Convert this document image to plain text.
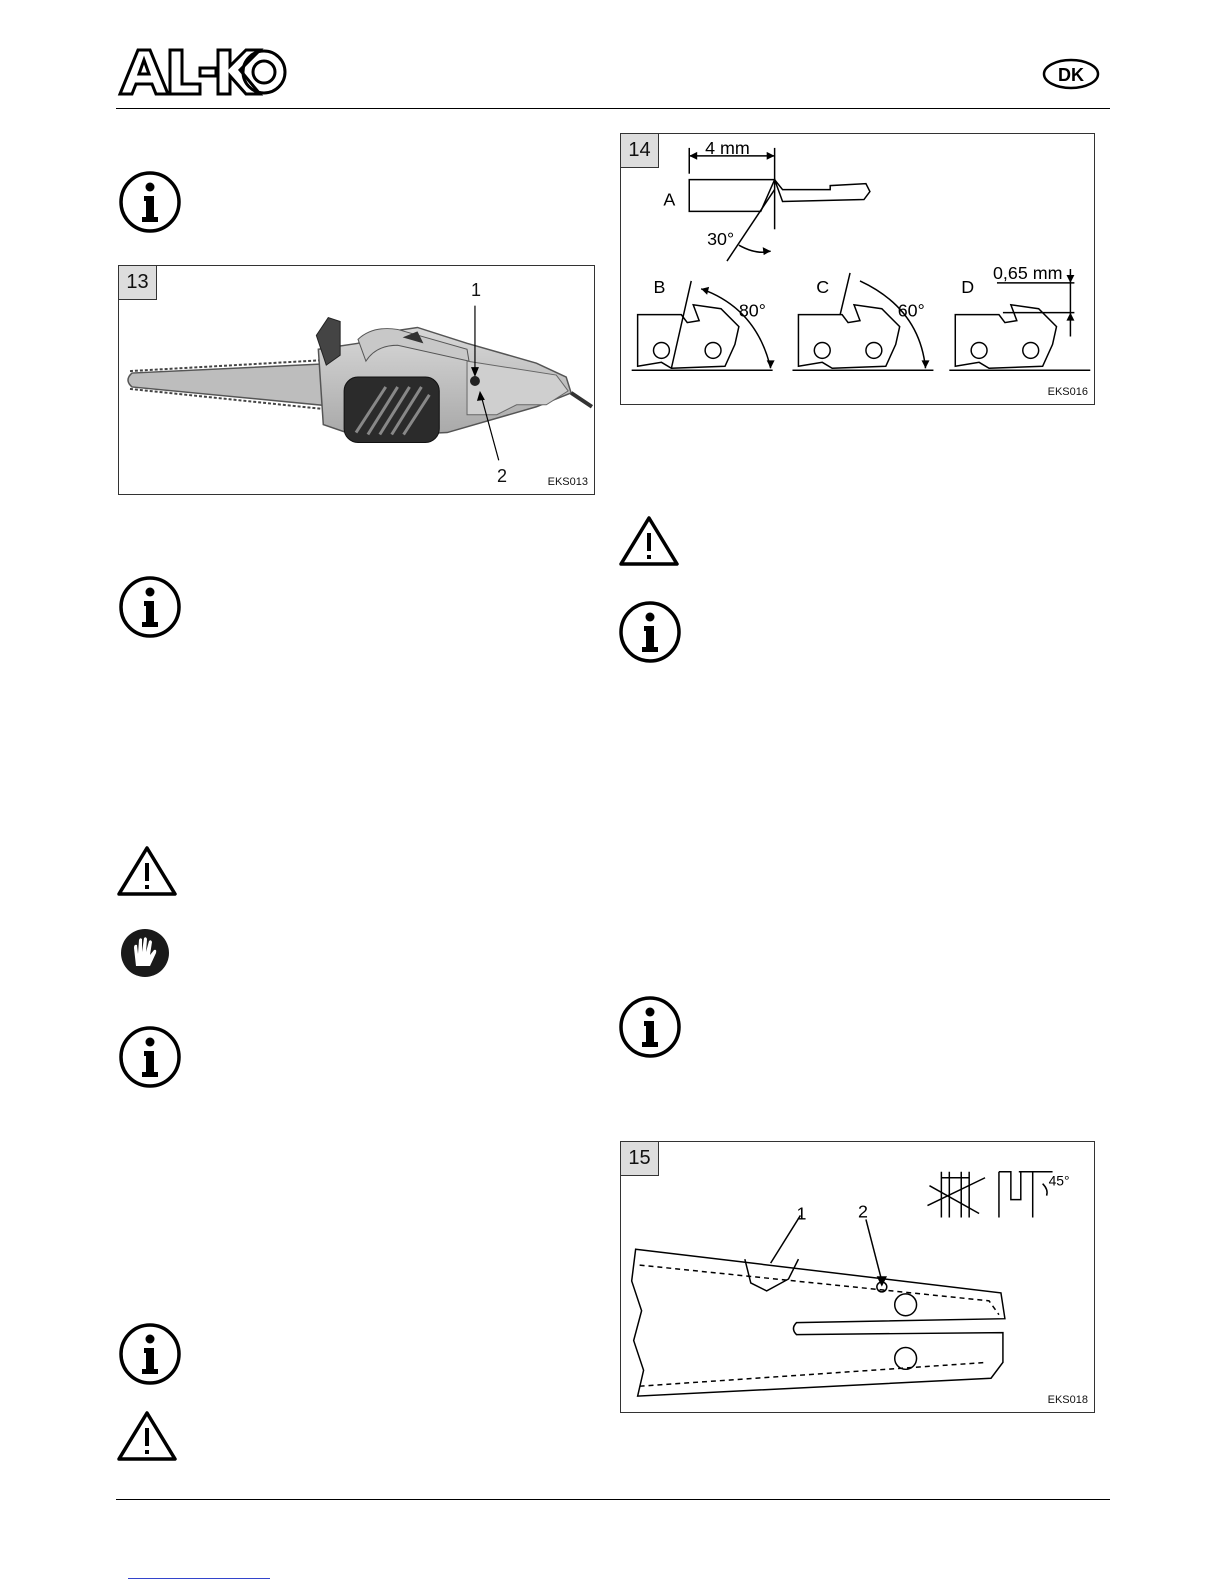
DK
13	1
2	EKS013
A
B	C	D
4 mm
30°
80°	60°
0,65 mm
14
EKS016
1	2
45°
15
EKS018
